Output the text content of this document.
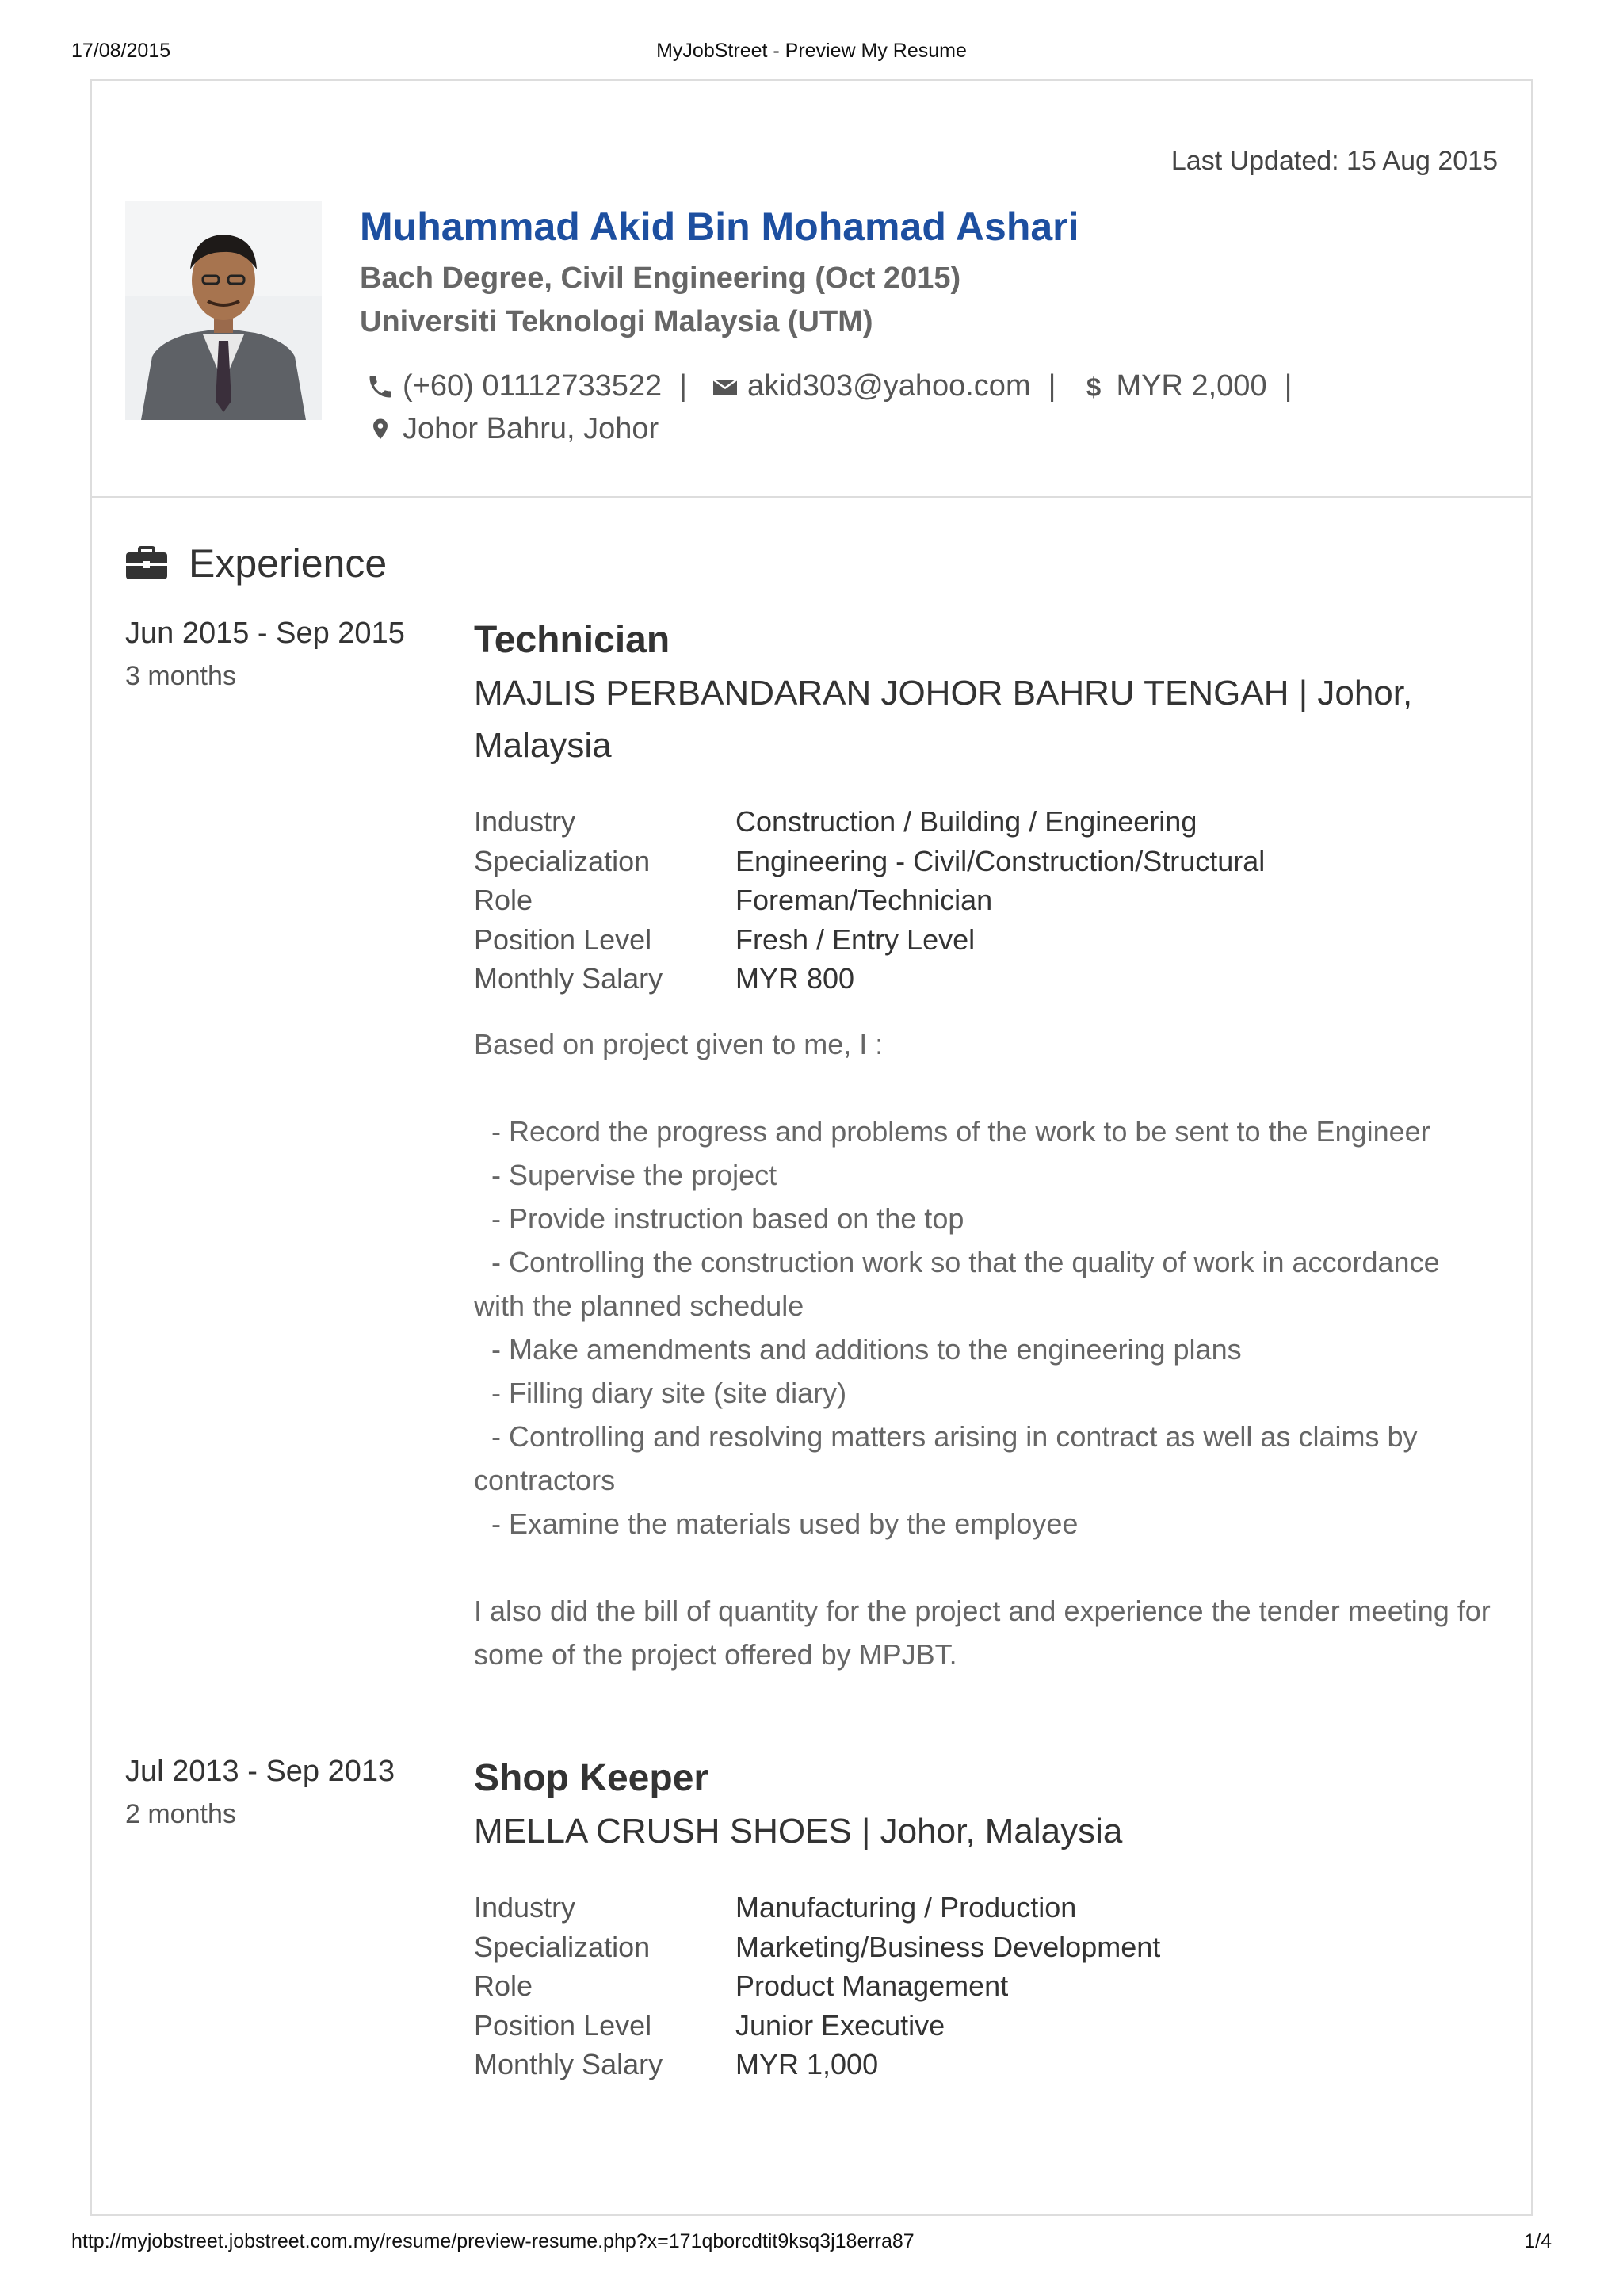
17/08/2015	MyJobStreet - Preview My Resume
Last Updated: 15 Aug 2015
Muhammad Akid Bin Mohamad Ashari
Bach Degree, Civil Engineering (Oct 2015)
Universiti Teknologi Malaysia (UTM)
(+60) 01112733522 | akid303@yahoo.com | $ MYR 2,000 |
Johor Bahru, Johor
Experience
Jun 2015 - Sep 2015
3 months
Technician
MAJLIS PERBANDARAN JOHOR BAHRU TENGAH | Johor, Malaysia
Industry	Construction / Building / Engineering
Specialization	Engineering - Civil/Construction/Structural
Role	Foreman/Technician
Position Level	Fresh / Entry Level
Monthly Salary	MYR 800

Based on project given to me, I :

- Record the progress and problems of the work to be sent to the Engineer

- Supervise the project

- Provide instruction based on the top

- Controlling the construction work so that the quality of work in accordance

with the planned schedule

- Make amendments and additions to the engineering plans

- Filling diary site (site diary)

- Controlling and resolving matters arising in contract as well as claims by

contractors

- Examine the materials used by the employee

I also did the bill of quantity for the project and experience the tender meeting for some of the project offered by MPJBT.

Jul 2013 - Sep 2013
2 months
Shop Keeper
MELLA CRUSH SHOES | Johor, Malaysia
Industry	Manufacturing / Production
Specialization	Marketing/Business Development
Role	Product Management
Position Level	Junior Executive
Monthly Salary	MYR 1,000
http://myjobstreet.jobstreet.com.my/resume/preview-resume.php?x=171qborcdtit9ksq3j18erra87	1/4
